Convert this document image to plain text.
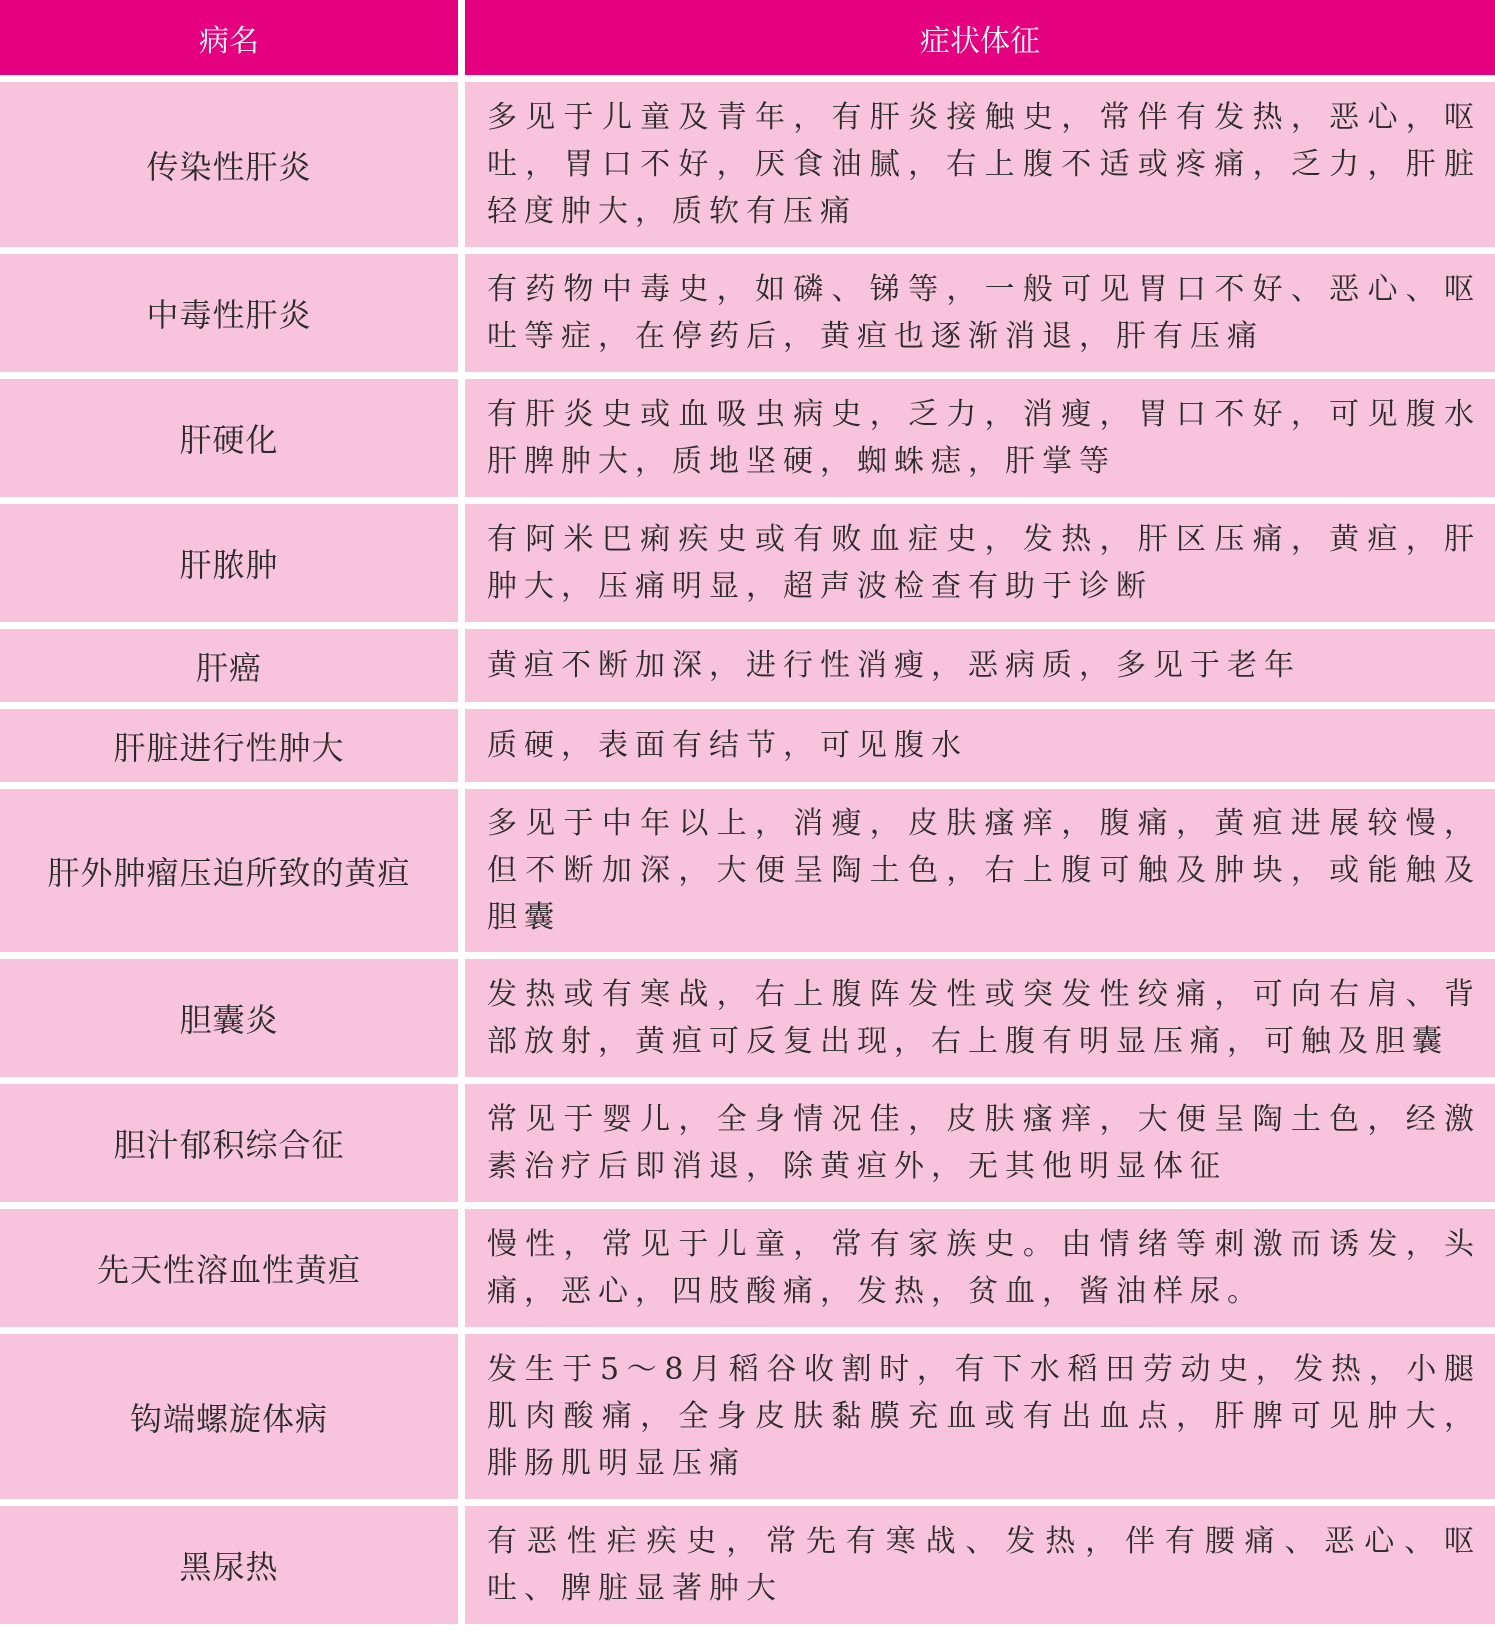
病名	症状体征
传染性肝炎	多见于儿童及青年，有肝炎接触史，常伴有发热，恶心，呕吐，胃口不好，厌食油腻，右上腹不适或疼痛，乏力，肝脏轻度肿大，质软有压痛
中毒性肝炎	有药物中毒史，如磷、锑等，一般可见胃口不好、恶心、呕吐等症，在停药后，黄疸也逐渐消退，肝有压痛
肝硬化	有肝炎史或血吸虫病史，乏力，消瘦，胃口不好，可见腹水肝脾肿大，质地坚硬，蜘蛛痣，肝掌等
肝脓肿	有阿米巴痢疾史或有败血症史，发热，肝区压痛，黄疸，肝肿大，压痛明显，超声波检查有助于诊断
肝癌	黄疸不断加深，进行性消瘦，恶病质，多见于老年
肝脏进行性肿大	质硬，表面有结节，可见腹水
肝外肿瘤压迫所致的黄疸	多见于中年以上，消瘦，皮肤瘙痒，腹痛，黄疸进展较慢，但不断加深，大便呈陶土色，右上腹可触及肿块，或能触及胆囊
胆囊炎	发热或有寒战，右上腹阵发性或突发性绞痛，可向右肩、背部放射，黄疸可反复出现，右上腹有明显压痛，可触及胆囊
胆汁郁积综合征	常见于婴儿，全身情况佳，皮肤瘙痒，大便呈陶土色，经激素治疗后即消退，除黄疸外，无其他明显体征
先天性溶血性黄疸	慢性，常见于儿童，常有家族史。由情绪等刺激而诱发，头痛，恶心，四肢酸痛，发热，贫血，酱油样尿。
钩端螺旋体病	发生于5～8月稻谷收割时，有下水稻田劳动史，发热，小腿肌肉酸痛，全身皮肤黏膜充血或有出血点，肝脾可见肿大，腓肠肌明显压痛
黑尿热	有恶性疟疾史，常先有寒战、发热，伴有腰痛、恶心、呕吐、脾脏显著肿大
